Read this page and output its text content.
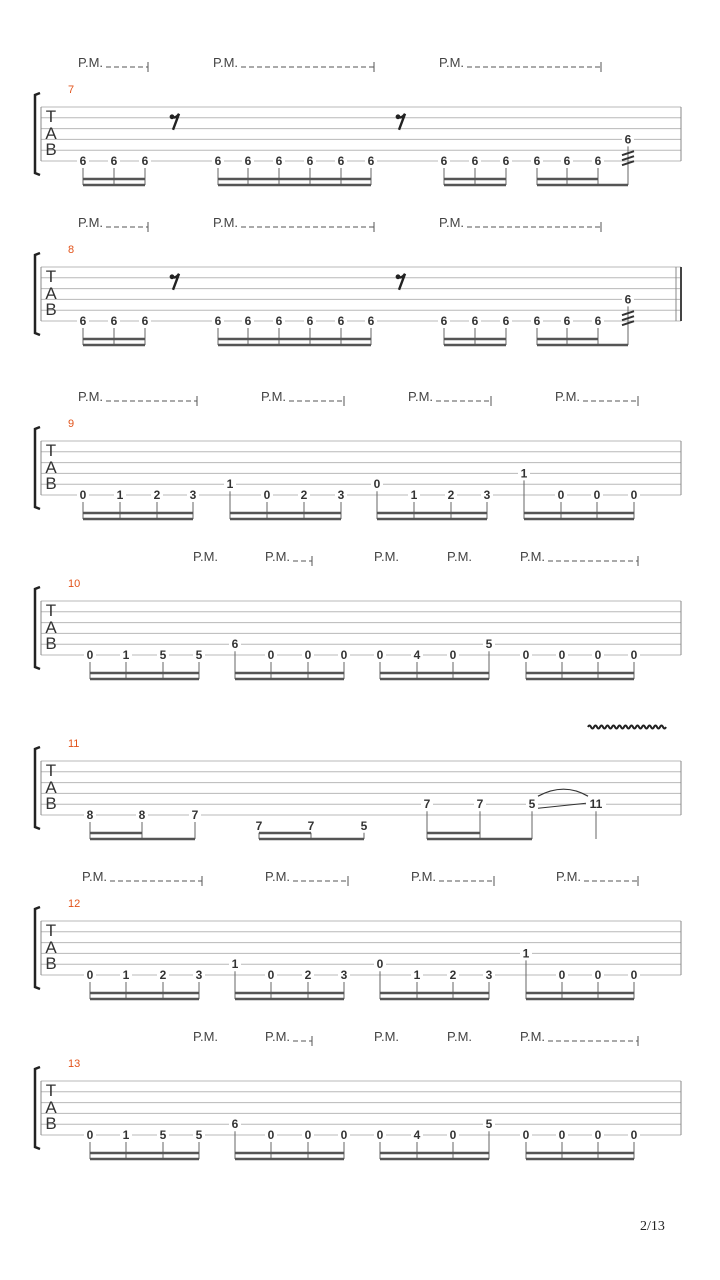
T
A
B
7
P.M.	P.M.	P.M.
6 6 6	6 6 6 6 6 6	6 6 6 6 6 6
6
T
A
B
8
P.M.	P.M.	P.M.
6 6 6	6 6 6 6 6 6	6 6 6 6 6 6
6
T
A
B
9
P.M.	P.M.	P.M.	P.M.
0	1	2 3
1
0	2	3
0
1	2 3
1
0 0	0
T
A
B
10
P.M.	P.M.	P.M.	P.M.	P.M.
0 1	5 5
6
0	0 0 0	4 0
5
0 0 0 0
T
A
B
11
8	8	7
7	7	5
7	7	5	11
T
A
B
12
P.M.	P.M.	P.M.	P.M.
0 1	2 3
1
0	2 3
0
1 2 3
1
0 0 0
T
A
B
13
P.M.	P.M.	P.M.	P.M.	P.M.
0 1	5 5
6
0	0 0 0	4 0
5
0 0 0 0
2/13
